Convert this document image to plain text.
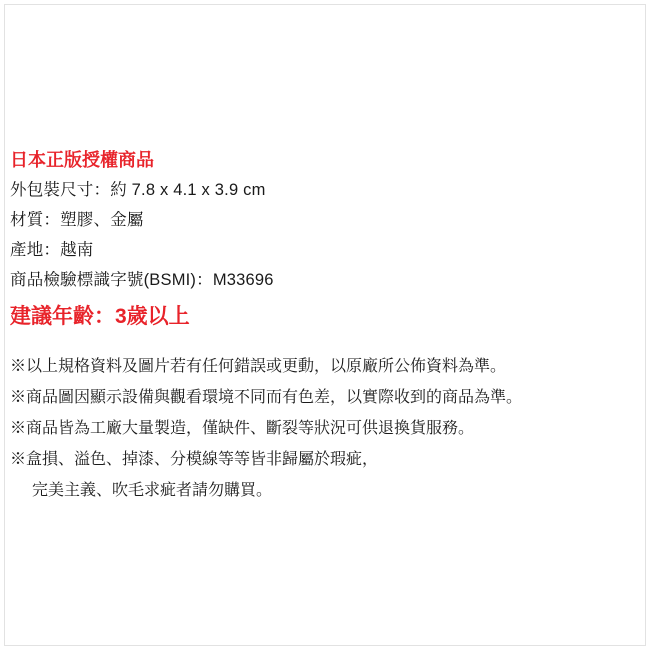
日本正版授權商品
外包裝尺寸：約 7.8 x 4.1 x 3.9 cm
材質：塑膠、金屬
產地：越南
商品檢驗標識字號(BSMI)：M33696
建議年齡：3歲以上
※以上規格資料及圖片若有任何錯誤或更動，以原廠所公佈資料為準。
※商品圖因顯示設備與觀看環境不同而有色差，以實際收到的商品為準。
※商品皆為工廠大量製造，僅缺件、斷裂等狀況可供退換貨服務。
※盒損、溢色、掉漆、分模線等等皆非歸屬於瑕疵，
完美主義、吹毛求疵者請勿購買。
